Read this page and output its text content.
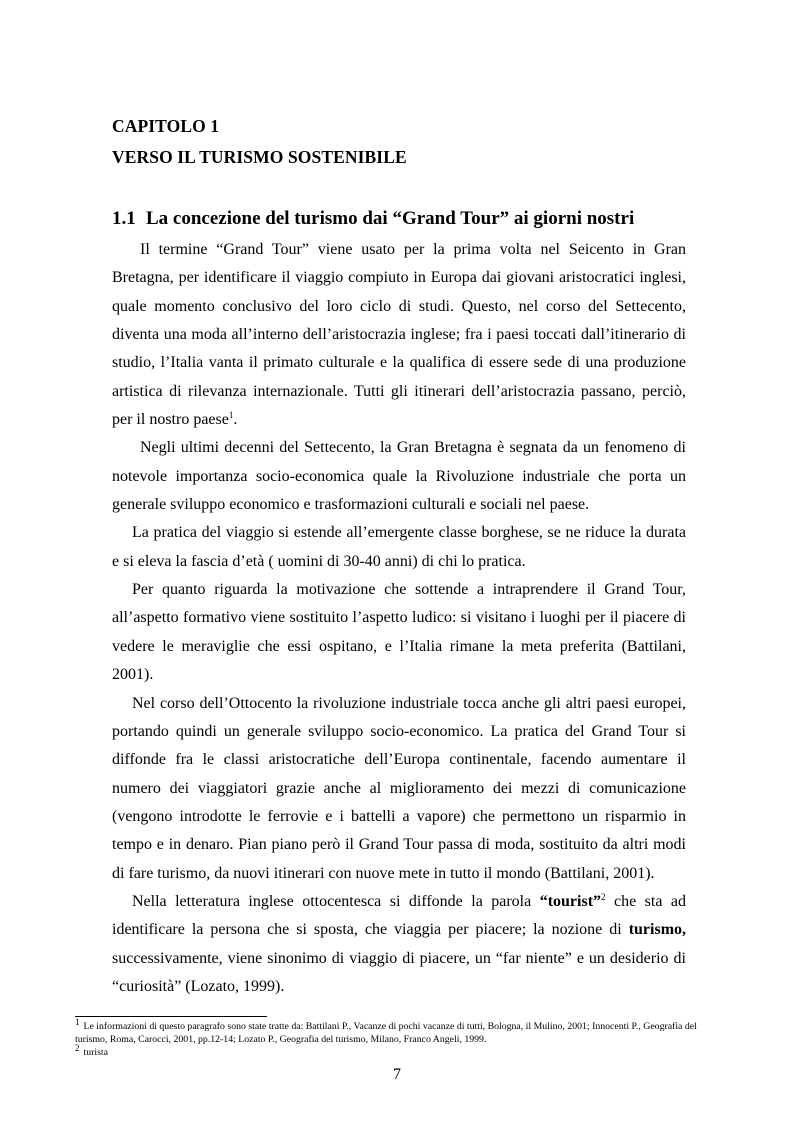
CAPITOLO 1
VERSO IL TURISMO SOSTENIBILE
1.1 La concezione del turismo dai “Grand Tour” ai giorni nostri

Il termine “Grand Tour” viene usato per la prima volta nel Seicento in Gran Bretagna, per identificare il viaggio compiuto in Europa dai giovani aristocratici inglesi, quale momento conclusivo del loro ciclo di studi. Questo, nel corso del Settecento, diventa una moda all’interno dell’aristocrazia inglese; fra i paesi toccati dall’itinerario di studio, l’Italia vanta il primato culturale e la qualifica di essere sede di una produzione artistica di rilevanza internazionale. Tutti gli itinerari dell’aristocrazia passano, perciò, per il nostro paese$^1$.

Negli ultimi decenni del Settecento, la Gran Bretagna è segnata da un fenomeno di notevole importanza socio-economica quale la Rivoluzione industriale che porta un generale sviluppo economico e trasformazioni culturali e sociali nel paese.

La pratica del viaggio si estende all’emergente classe borghese, se ne riduce la durata e si eleva la fascia d’età ( uomini di 30-40 anni) di chi lo pratica.

Per quanto riguarda la motivazione che sottende a intraprendere il Grand Tour, all’aspetto formativo viene sostituito l’aspetto ludico: si visitano i luoghi per il piacere di vedere le meraviglie che essi ospitano, e l’Italia rimane la meta preferita (Battilani, 2001).

Nel corso dell’Ottocento la rivoluzione industriale tocca anche gli altri paesi europei, portando quindi un generale sviluppo socio-economico. La pratica del Grand Tour si diffonde fra le classi aristocratiche dell’Europa continentale, facendo aumentare il numero dei viaggiatori grazie anche al miglioramento dei mezzi di comunicazione (vengono introdotte le ferrovie e i battelli a vapore) che permettono un risparmio in tempo e in denaro. Pian piano però il Grand Tour passa di moda, sostituito da altri modi di fare turismo, da nuovi itinerari con nuove mete in tutto il mondo (Battilani, 2001).

Nella letteratura inglese ottocentesca si diffonde la parola “tourist”$^2$ che sta ad identificare la persona che si sposta, che viaggia per piacere; la nozione di turismo, successivamente, viene sinonimo di viaggio di piacere, un “far niente” e un desiderio di “curiosità” (Lozato, 1999).

$^1$ Le informazioni di questo paragrafo sono state tratte da: Battilani P., Vacanze di pochi vacanze di tutti, Bologna, il Mulino, 2001; Innocenti P., Geografia del turismo, Roma, Carocci, 2001, pp.12-14; Lozato P., Geografia del turismo, Milano, Franco Angeli, 1999.

$^2$ turista

7
